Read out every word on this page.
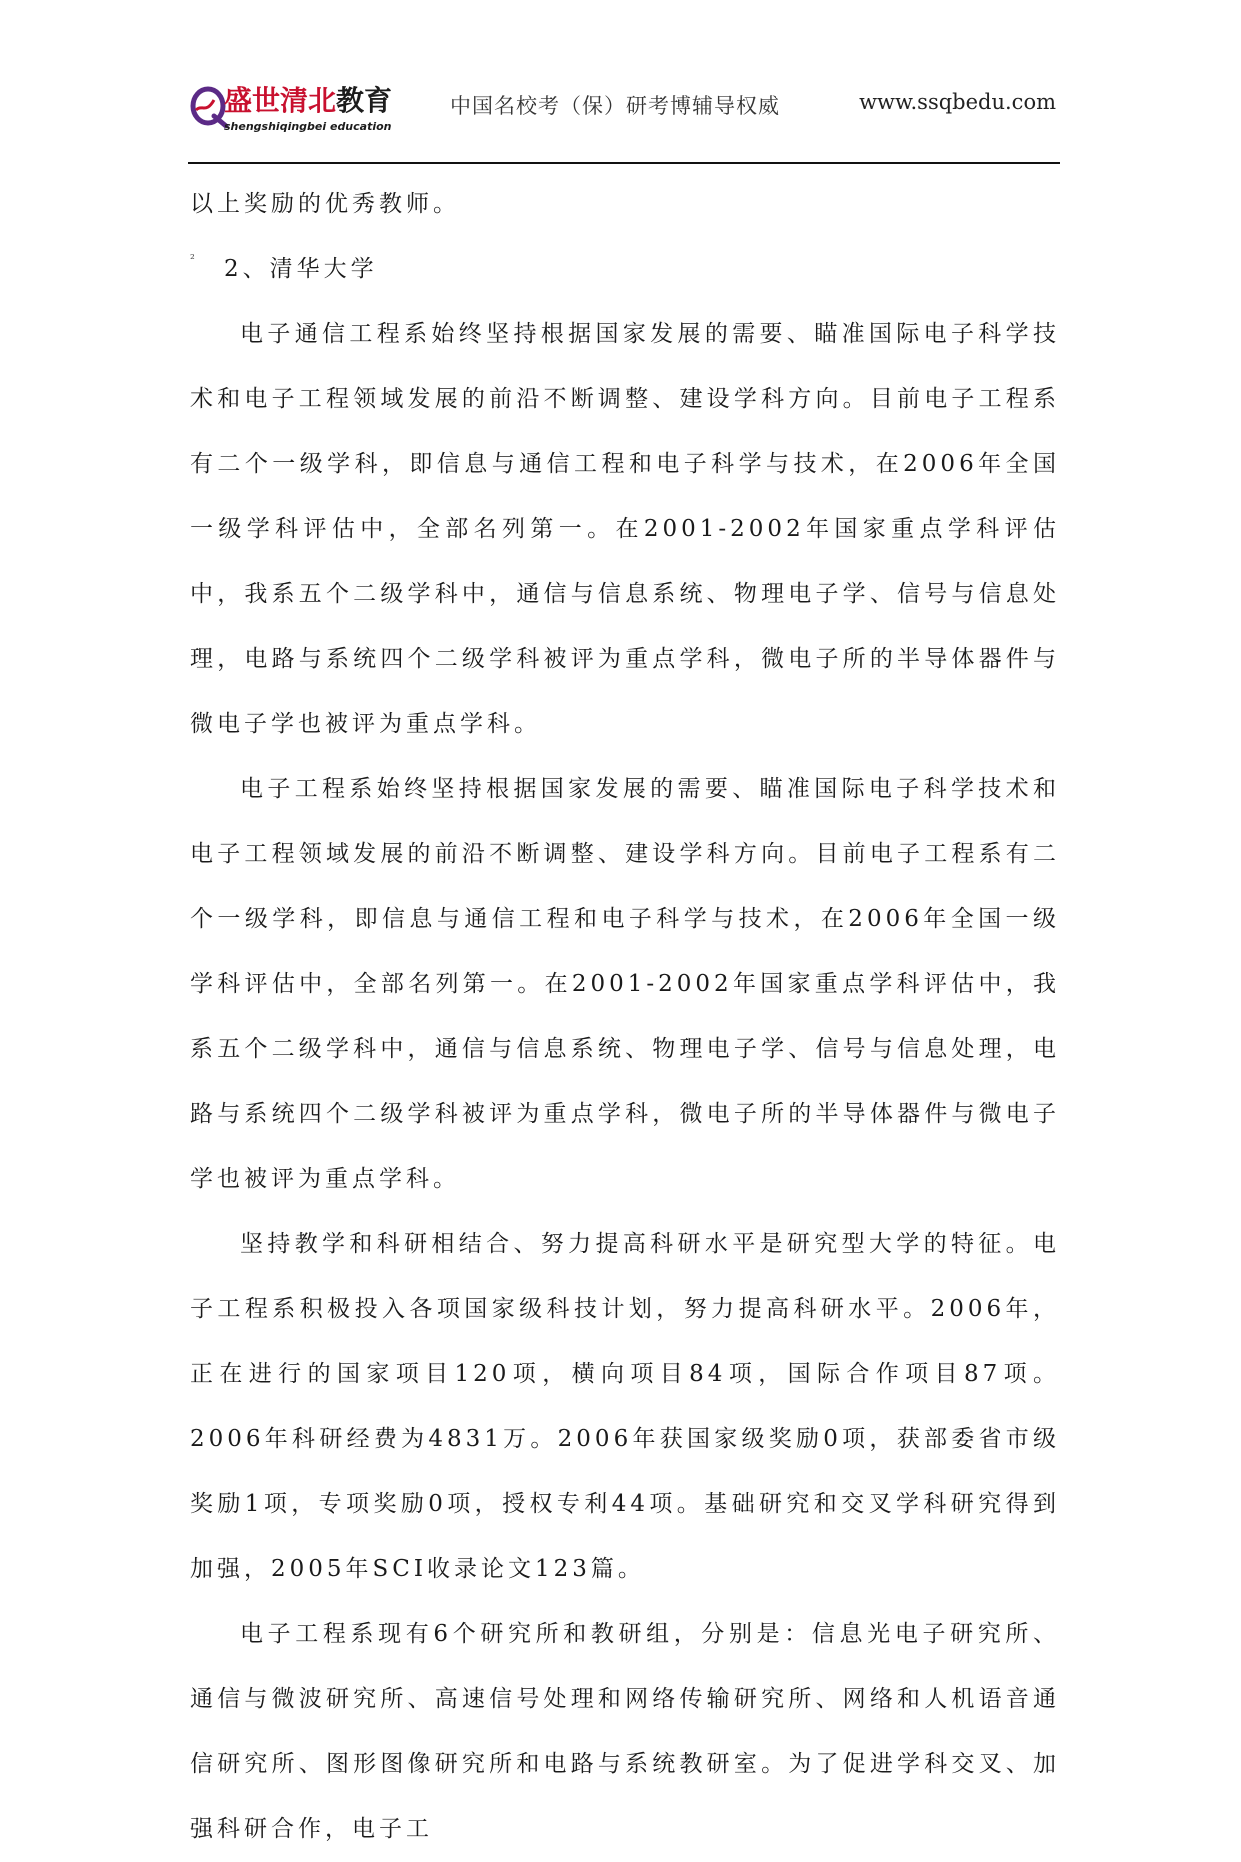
盛世清北教育
shengshiqingbei education
中国名校考（保）研考博辅导权威	www.ssqbedu.com

以上奖励的优秀教师。

² 2、清华大学

电子通信工程系始终坚持根据国家发展的需要、瞄准国际电子科学技术和电子工程领域发展的前沿不断调整、建设学科方向。目前电子工程系有二个一级学科，即信息与通信工程和电子科学与技术，在2006年全国一级学科评估中，全部名列第一。在2001-2002年国家重点学科评估中，我系五个二级学科中，通信与信息系统、物理电子学、信号与信息处理，电路与系统四个二级学科被评为重点学科，微电子所的半导体器件与微电子学也被评为重点学科。

电子工程系始终坚持根据国家发展的需要、瞄准国际电子科学技术和电子工程领域发展的前沿不断调整、建设学科方向。目前电子工程系有二个一级学科，即信息与通信工程和电子科学与技术，在2006年全国一级学科评估中，全部名列第一。在2001-2002年国家重点学科评估中，我系五个二级学科中，通信与信息系统、物理电子学、信号与信息处理，电路与系统四个二级学科被评为重点学科，微电子所的半导体器件与微电子学也被评为重点学科。

坚持教学和科研相结合、努力提高科研水平是研究型大学的特征。电子工程系积极投入各项国家级科技计划，努力提高科研水平。2006年，正在进行的国家项目120项，横向项目84项，国际合作项目87项。2006年科研经费为4831万。2006年获国家级奖励0项，获部委省市级奖励1项，专项奖励0项，授权专利44项。基础研究和交叉学科研究得到加强，2005年SCI收录论文123篇。

电子工程系现有6个研究所和教研组，分别是：信息光电子研究所、通信与微波研究所、高速信号处理和网络传输研究所、网络和人机语音通信研究所、图形图像研究所和电路与系统教研室。为了促进学科交叉、加强科研合作，电子工
